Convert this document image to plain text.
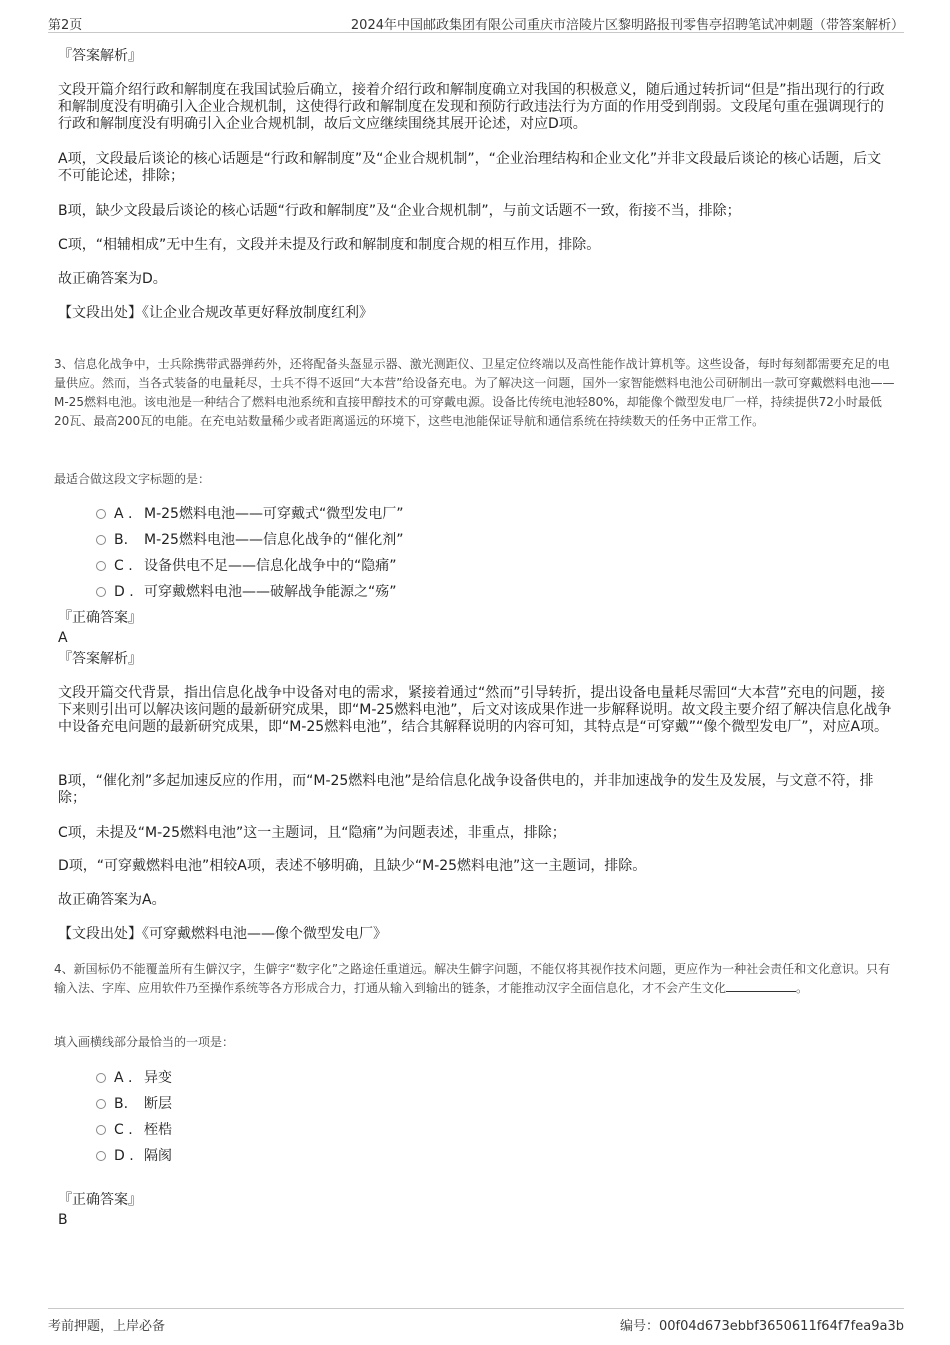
第2页	2024年中国邮政集团有限公司重庆市涪陵片区黎明路报刊零售亭招聘笔试冲刺题（带答案解析）
『答案解析』
文段开篇介绍行政和解制度在我国试验后确立，接着介绍行政和解制度确立对我国的积极意义，随后通过转折词“但是”指出现行的行政和解制度没有明确引入企业合规机制，这使得行政和解制度在发现和预防行政违法行为方面的作用受到削弱。文段尾句重在强调现行的行政和解制度没有明确引入企业合规机制，故后文应继续围绕其展开论述，对应D项。
A项，文段最后谈论的核心话题是“行政和解制度”及“企业合规机制”，“企业治理结构和企业文化”并非文段最后谈论的核心话题，后文不可能论述，排除；
B项，缺少文段最后谈论的核心话题“行政和解制度”及“企业合规机制”，与前文话题不一致，衔接不当，排除；
C项，“相辅相成”无中生有，文段并未提及行政和解制度和制度合规的相互作用，排除。
故正确答案为D。
【文段出处】《让企业合规改革更好释放制度红利》
3、信息化战争中，士兵除携带武器弹药外，还将配备头盔显示器、激光测距仪、卫星定位终端以及高性能作战计算机等。这些设备，每时每刻都需要充足的电量供应。然而，当各式装备的电量耗尽，士兵不得不返回“大本营”给设备充电。为了解决这一问题，国外一家智能燃料电池公司研制出一款可穿戴燃料电池——M-25燃料电池。该电池是一种结合了燃料电池系统和直接甲醇技术的可穿戴电源。设备比传统电池轻80%，却能像个微型发电厂一样，持续提供72小时最低20瓦、最高200瓦的电能。在充电站数量稀少或者距离遥远的环境下，这些电池能保证导航和通信系统在持续数天的任务中正常工作。
最适合做这段文字标题的是：
A . M-25燃料电池——可穿戴式“微型发电厂”
B. M-25燃料电池——信息化战争的“催化剂”
C . 设备供电不足——信息化战争中的“隐痛”
D . 可穿戴燃料电池——破解战争能源之“殇”
『正确答案』
A
『答案解析』
文段开篇交代背景，指出信息化战争中设备对电的需求，紧接着通过“然而”引导转折，提出设备电量耗尽需回“大本营”充电的问题，接下来则引出可以解决该问题的最新研究成果，即“M-25燃料电池”，后文对该成果作进一步解释说明。故文段主要介绍了解决信息化战争中设备充电问题的最新研究成果，即“M-25燃料电池”，结合其解释说明的内容可知，其特点是“可穿戴”“像个微型发电厂”，对应A项。
B项，“催化剂”多起加速反应的作用，而“M-25燃料电池”是给信息化战争设备供电的，并非加速战争的发生及发展，与文意不符，排除；
C项，未提及“M-25燃料电池”这一主题词，且“隐痛”为问题表述，非重点，排除；
D项，“可穿戴燃料电池”相较A项，表述不够明确，且缺少“M-25燃料电池”这一主题词，排除。
故正确答案为A。
【文段出处】《可穿戴燃料电池——像个微型发电厂》
4、新国标仍不能覆盖所有生僻汉字，生僻字“数字化”之路途任重道远。解决生僻字问题，不能仅将其视作技术问题，更应作为一种社会责任和文化意识。只有输入法、字库、应用软件乃至操作系统等各方形成合力，打通从输入到输出的链条，才能推动汉字全面信息化，才不会产生文化	。
填入画横线部分最恰当的一项是：
A . 异变
B. 断层
C . 桎梏
D . 隔阂
『正确答案』
B
考前押题，上岸必备	编号：00f04d673ebbf3650611f64f7fea9a3b
